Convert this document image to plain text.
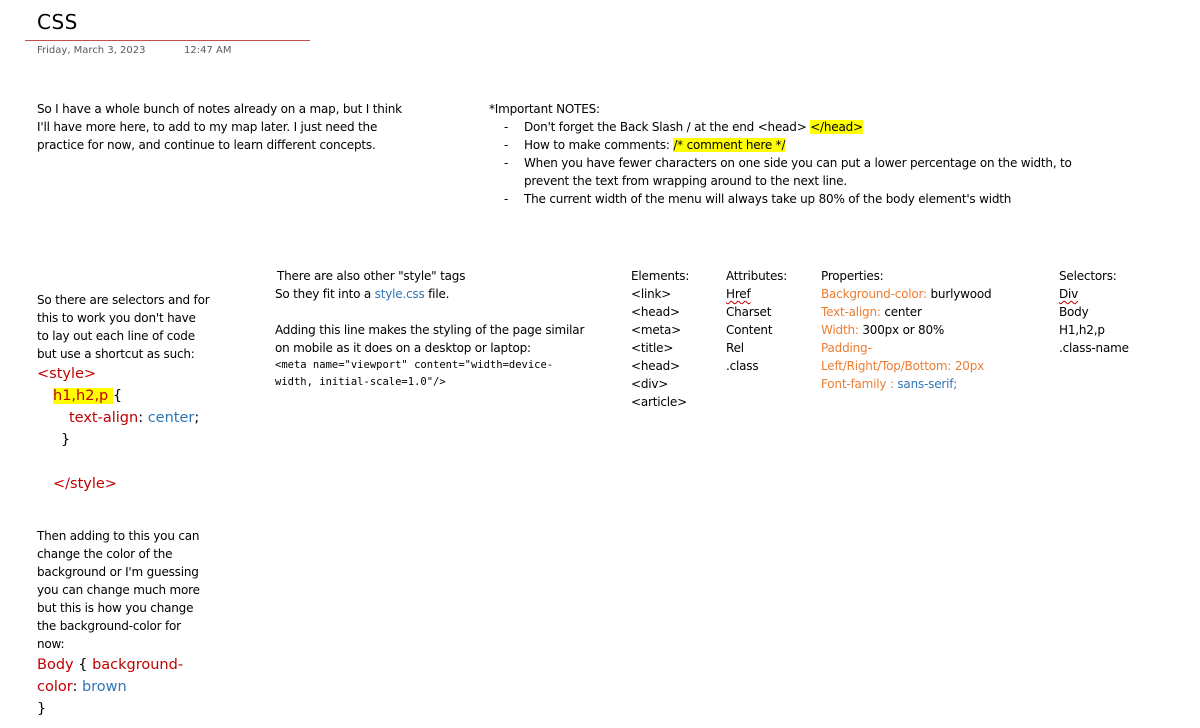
CSS
Friday, March 3, 2023	12:47 AM
So I have a whole bunch of notes already on a map, but I think
I'll have more here, to add to my map later. I just need the
practice for now, and continue to learn different concepts.
*Important NOTES:
- Don't forget the Back Slash / at the end <head> </head>
- How to make comments: /* comment here */
- When you have fewer characters on one side you can put a lower percentage on the width, to
prevent the text from wrapping around to the next line.
- The current width of the menu will always take up 80% of the body element's width
So there are selectors and for
this to work you don't have
to lay out each line of code
but use a shortcut as such:
<style>
h1,h2,p {
text-align: center;
}
</style>
Then adding to this you can
change the color of the
background or I'm guessing
you can change much more
but this is how you change
the background-color for
now:
Body { background-
color: brown
}
There are also other "style" tags
So they fit into a style.css file.
Adding this line makes the styling of the page similar
on mobile as it does on a desktop or laptop:
<meta name="viewport" content="width=device-
width, initial-scale=1.0"/>
Elements:
<link>
<head>
<meta>
<title>
<head>
<div>
<article>
Attributes:
Href
Charset
Content
Rel
.class
Properties:
Background-color: burlywood
Text-align: center
Width: 300px or 80%
Padding-
Left/Right/Top/Bottom: 20px
Font-family : sans-serif;
Selectors:
Div
Body
H1,h2,p
.class-name
